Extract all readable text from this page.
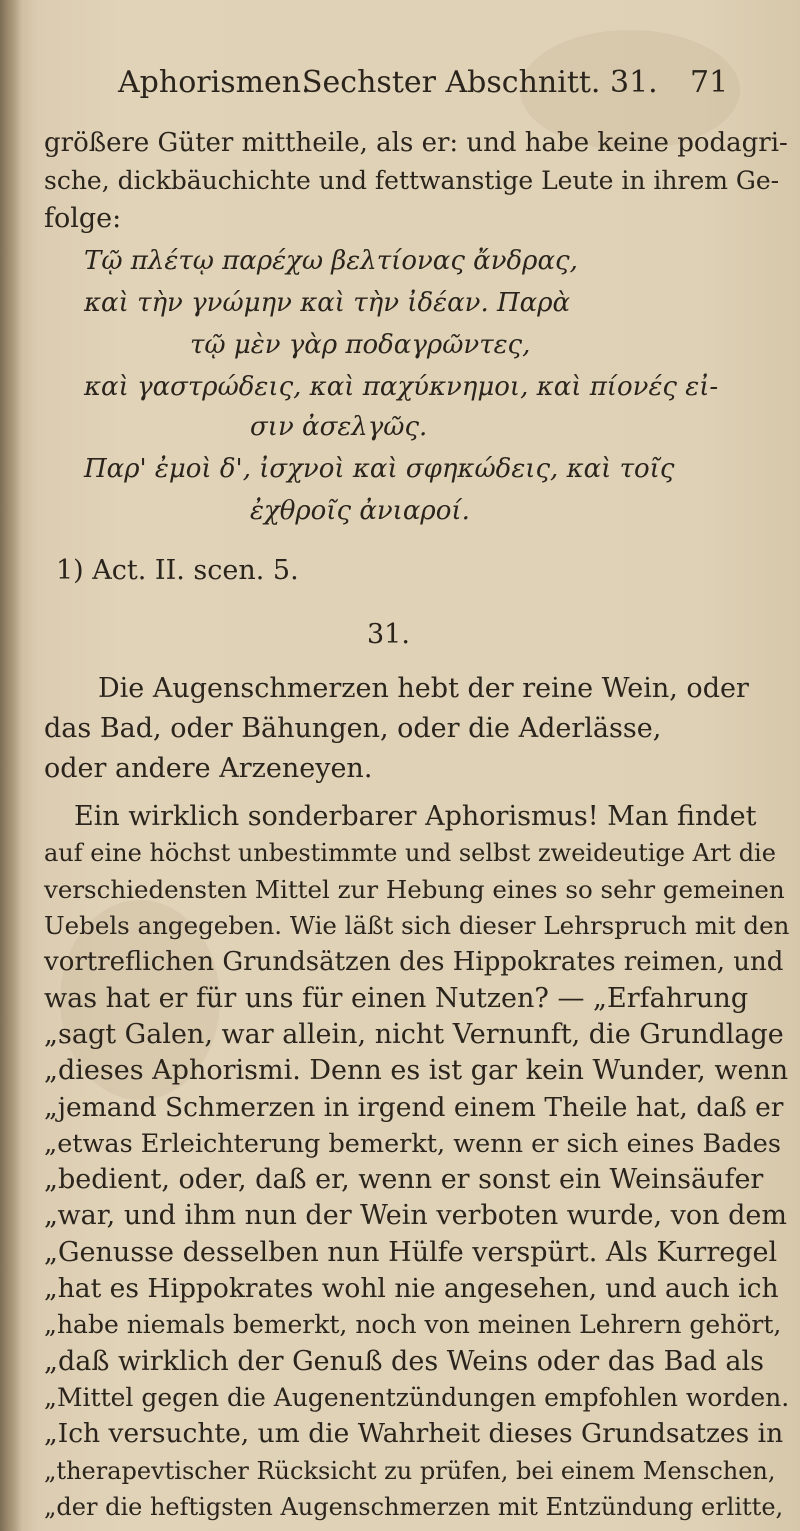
Aphorismen.
Sechster Abschnitt. 31. 71
größere Güter mittheile, als er: und habe keine podagri-
sche, dickbäuchichte und fettwanstige Leute in ihrem Ge-
folge:
Τῷ πλέτῳ παρέχω βελτίονας ἄνδρας,
καὶ τὴν γνώμην καὶ τὴν ἰδέαν. Παρὰ
τῷ μὲν γὰρ ποδαγρῶντες,
καὶ γαστρώδεις, καὶ παχύκνημοι, καὶ πίονές εἰ-
σιν ἀσελγῶς.
Παρ' ἐμοὶ δ', ἰσχνοὶ καὶ σφηκώδεις, καὶ τοῖς
ἐχθροῖς ἀνιαροί.
1) Act. II. scen. 5.
31.
Die Augenschmerzen hebt der reine Wein, oder
das Bad, oder Bähungen, oder die Aderlässe,
oder andere Arzeneyen.
Ein wirklich sonderbarer Aphorismus! Man findet
auf eine höchst unbestimmte und selbst zweideutige Art die
verschiedensten Mittel zur Hebung eines so sehr gemeinen
Uebels angegeben. Wie läßt sich dieser Lehrspruch mit den
vortreflichen Grundsätzen des Hippokrates reimen, und
was hat er für uns für einen Nutzen? — „Erfahrung
„sagt Galen, war allein, nicht Vernunft, die Grundlage
„dieses Aphorismi. Denn es ist gar kein Wunder, wenn
„jemand Schmerzen in irgend einem Theile hat, daß er
„etwas Erleichterung bemerkt, wenn er sich eines Bades
„bedient, oder, daß er, wenn er sonst ein Weinsäufer
„war, und ihm nun der Wein verboten wurde, von dem
„Genusse desselben nun Hülfe verspürt. Als Kurregel
„hat es Hippokrates wohl nie angesehen, und auch ich
„habe niemals bemerkt, noch von meinen Lehrern gehört,
„daß wirklich der Genuß des Weins oder das Bad als
„Mittel gegen die Augenentzündungen empfohlen worden.
„Ich versuchte, um die Wahrheit dieses Grundsatzes in
„therapevtischer Rücksicht zu prüfen, bei einem Menschen,
„der die heftigsten Augenschmerzen mit Entzündung erlitte,
